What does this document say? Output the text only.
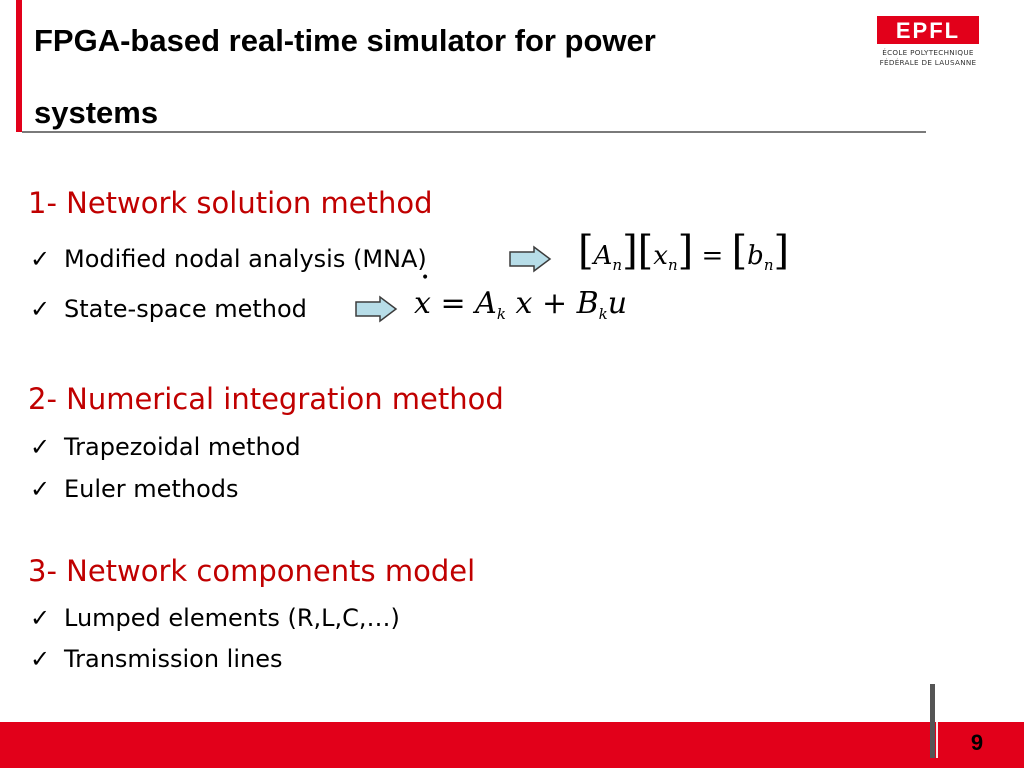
FPGA-based real-time simulator for power
systems
EPFL
ÉCOLE POLYTECHNIQUE
FÉDÉRALE DE LAUSANNE
1- Network solution method
✓ Modified nodal analysis (MNA)	$[A_n][x_n] = [b_n]$
✓ State-space method
•	$x = A_k$ $x + B_ku$
2- Numerical integration method
✓ Trapezoidal method
✓ Euler methods
3- Network components model
✓ Lumped elements (R,L,C,…)
✓ Transmission lines
9
